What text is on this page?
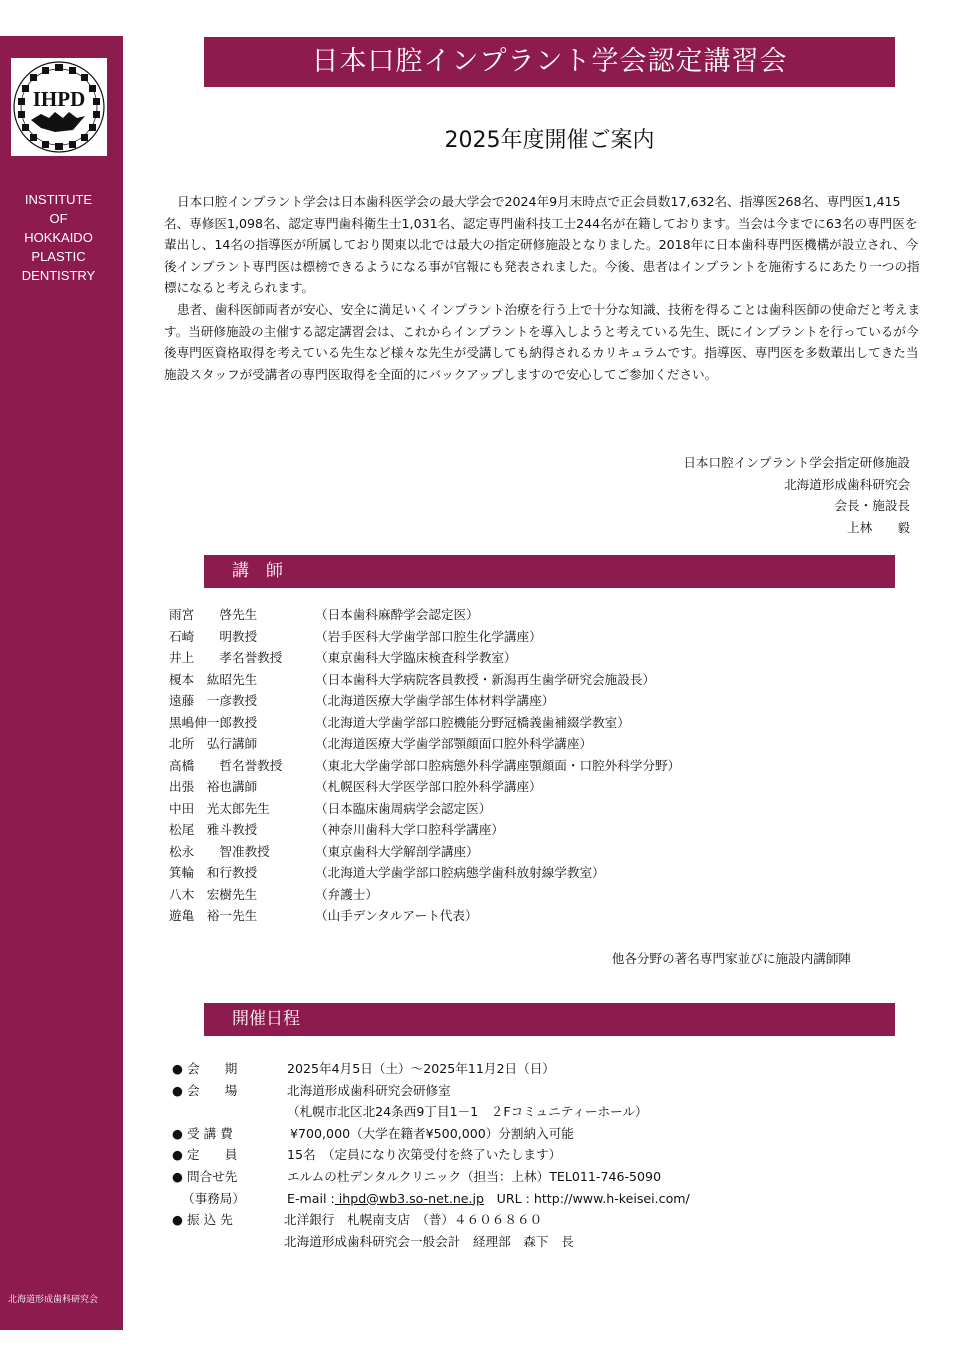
IHPD
INSTITUTE
OF
HOKKAIDO
PLASTIC
DENTISTRY
北海道形成歯科研究会
日本口腔インプラント学会認定講習会
2025年度開催ご案内

日本口腔インプラント学会は日本歯科医学会の最大学会で2024年9月末時点で正会員数17,632名、指導医268名、専門医1,415名、専修医1,098名、認定専門歯科衛生士1,031名、認定専門歯科技工士244名が在籍しております。当会は今までに63名の専門医を輩出し、14名の指導医が所属しており関東以北では最大の指定研修施設となりました。2018年に日本歯科専門医機構が設立され、今後インプラント専門医は標榜できるようになる事が官報にも発表されました。今後、患者はインプラントを施術するにあたり一つの指標になると考えられます。

患者、歯科医師両者が安心、安全に満足いくインプラント治療を行う上で十分な知識、技術を得ることは歯科医師の使命だと考えます。当研修施設の主催する認定講習会は、これからインプラントを導入しようと考えている先生、既にインプラントを行っているが今後専門医資格取得を考えている先生など様々な先生が受講しても納得されるカリキュラムです。指導医、専門医を多数輩出してきた当施設スタッフが受講者の専門医取得を全面的にバックアップしますので安心してご参加ください。

日本口腔インプラント学会指定研修施設
北海道形成歯科研究会
会長・施設長
上林　　毅
講　師
雨宮　　啓先生	（日本歯科麻酔学会認定医）
石崎　　明教授	（岩手医科大学歯学部口腔生化学講座）
井上　　孝名誉教授	（東京歯科大学臨床検査科学教室）
榎本　紘昭先生	（日本歯科大学病院客員教授・新潟再生歯学研究会施設長）
遠藤　一彦教授	（北海道医療大学歯学部生体材料学講座）
黒嶋伸一郎教授	（北海道大学歯学部口腔機能分野冠橋義歯補綴学教室）
北所　弘行講師	（北海道医療大学歯学部顎顔面口腔外科学講座）
高橋　　哲名誉教授	（東北大学歯学部口腔病態外科学講座顎顔面・口腔外科学分野）
出張　裕也講師	（札幌医科大学医学部口腔外科学講座）
中田　光太郎先生	（日本臨床歯周病学会認定医）
松尾　雅斗教授	（神奈川歯科大学口腔科学講座）
松永　　智准教授	（東京歯科大学解剖学講座）
箕輪　和行教授	（北海道大学歯学部口腔病態学歯科放射線学教室）
八木　宏樹先生	（弁護士）
遊亀　裕一先生	（山手デンタルアート代表）
他各分野の著名専門家並びに施設内講師陣
開催日程
● 会　　期	2025年4月5日（土）～2025年11月2日（日）
● 会　　場	北海道形成歯科研究会研修室
（札幌市北区北24条西9丁目1－1　２Fコミュニティーホール）
● 受 講 費	¥700,000（大学在籍者¥500,000）分割納入可能
● 定　　員	15名　（定員になり次第受付を終了いたします）
● 問合せ先	エルムの杜デンタルクリニック（担当：上林）TEL011-746-5090
（事務局）	E-mail : ihpd@wb3.so-net.ne.jp　 URL : http://www.h-keisei.com/
● 振 込 先	北洋銀行　札幌南支店　（普）４６０６８６０
北海道形成歯科研究会一般会計　経理部　森下　長
